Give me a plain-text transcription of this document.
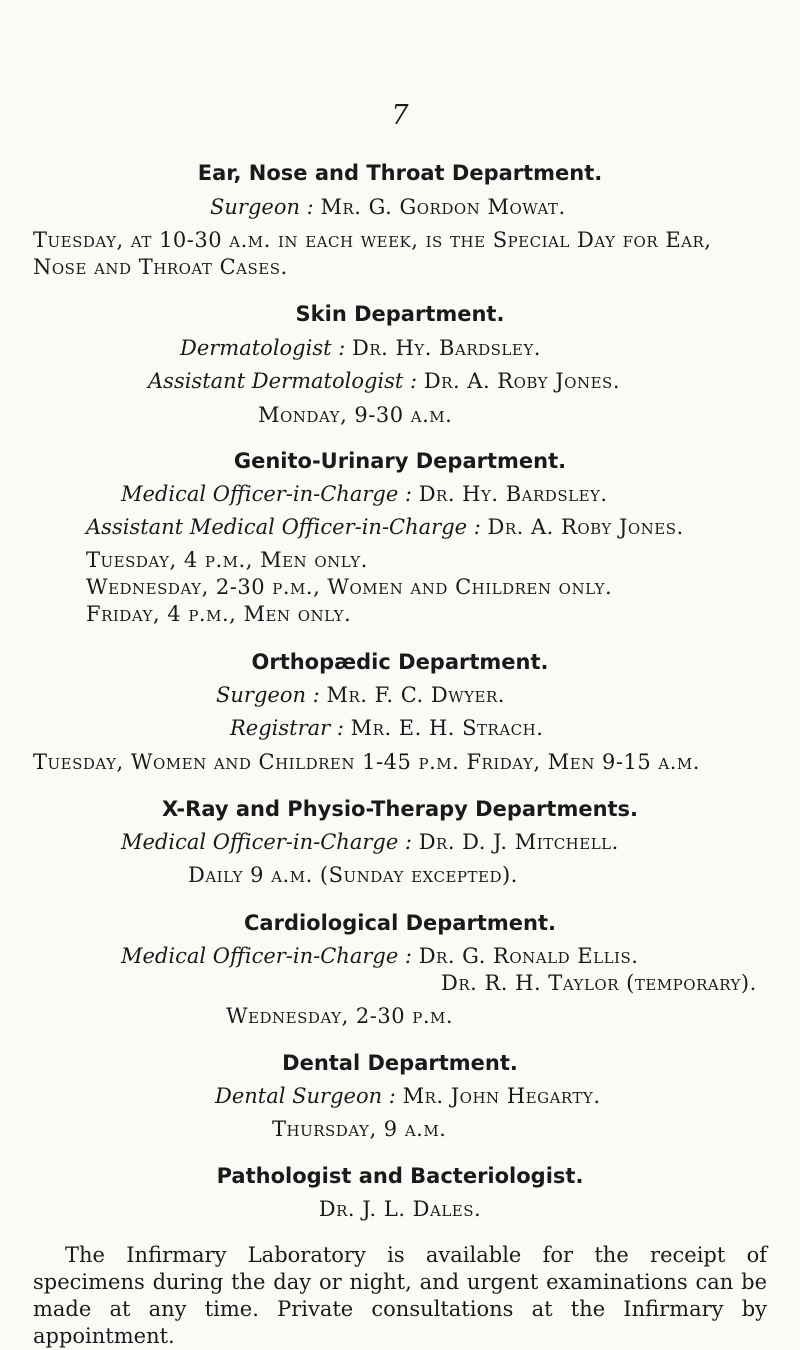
7
Ear, Nose and Throat Department.
Surgeon : Mr. G. Gordon Mowat.
Tuesday, at 10-30 a.m. in each week, is the Special Day for Ear,
Nose and Throat Cases.
Skin Department.
Dermatologist : Dr. Hy. Bardsley.
Assistant Dermatologist : Dr. A. Roby Jones.
Monday, 9-30 a.m.
Genito-Urinary Department.
Medical Officer-in-Charge : Dr. Hy. Bardsley.
Assistant Medical Officer-in-Charge : Dr. A. Roby Jones.
Tuesday, 4 p.m., Men only.
Wednesday, 2-30 p.m., Women and Children only.
Friday, 4 p.m., Men only.
Orthopædic Department.
Surgeon : Mr. F. C. Dwyer.
Registrar : Mr. E. H. Strach.
Tuesday, Women and Children 1-45 p.m. Friday, Men 9-15 a.m.
X-Ray and Physio-Therapy Departments.
Medical Officer-in-Charge : Dr. D. J. Mitchell.
Daily 9 a.m. (Sunday excepted).
Cardiological Department.
Medical Officer-in-Charge : Dr. G. Ronald Ellis.
Dr. R. H. Taylor (temporary).
Wednesday, 2-30 p.m.
Dental Department.
Dental Surgeon : Mr. John Hegarty.
Thursday, 9 a.m.
Pathologist and Bacteriologist.
Dr. J. L. Dales.
The Infirmary Laboratory is available for the receipt of specimens during the day or night, and urgent examinations can be made at any time. Private consultations at the Infirmary by appointment.
